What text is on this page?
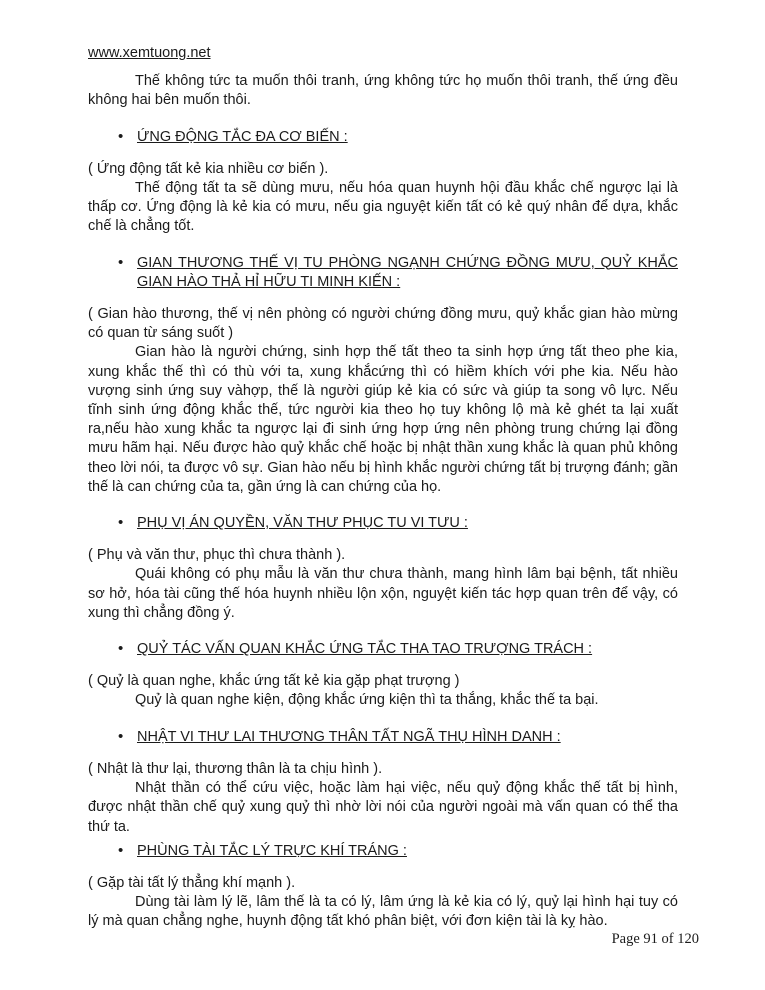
www.xemtuong.net

Thế không tức ta muốn thôi tranh, ứng không tức họ muốn thôi tranh, thế ứng đều không hai bên muốn thôi.

• ỨNG ĐỘNG TẮC ĐA CƠ BIẾN :

( Ứng động tất kẻ kia nhiều cơ biến ).

Thế động tất ta sẽ dùng mưu, nếu hóa quan huynh hội đầu khắc chế ngược lại là thấp cơ. Ứng động là kẻ kia có mưu, nếu gia nguyệt kiến tất có kẻ quý nhân để dựa, khắc chế là chẳng tốt.

• GIAN THƯƠNG THẾ VỊ TU PHÒNG NGẠNH CHỨNG ĐỒNG MƯU, QUỶ KHẮC GIAN HÀO THẢ HỈ HỮU TI MINH KIẾN :

( Gian hào thương, thế vị nên phòng có người chứng đồng mưu, quỷ khắc gian hào mừng có quan từ sáng suốt )

Gian hào là người chứng, sinh hợp thế tất theo ta sinh hợp ứng tất theo phe kia, xung khắc thế thì có thù với ta, xung khắcứng thì có hiềm khích với phe kia. Nếu hào vượng sinh ứng suy vàhợp, thế là người giúp kẻ kia có sức và giúp ta song vô lực. Nếu tĩnh sinh ứng động khắc thế, tức người kia theo họ tuy không lộ mà kẻ ghét ta lại xuất ra,nếu hào xung khắc ta ngược lại đi sinh ứng hợp ứng nên phòng trung chứng lại đồng mưu hãm hại. Nếu được hào quỷ khắc chế hoặc bị nhật thần xung khắc là quan phủ không theo lời nói, ta được vô sự. Gian hào nếu bị hình khắc người chứng tất bị trượng đánh; gần thế là can chứng của ta, gần ứng là can chứng của họ.

• PHỤ VỊ ÁN QUYỀN, VĂN THƯ PHỤC TU VI TƯU :

( Phụ và văn thư, phục thì chưa thành ).

Quái không có phụ mẫu là văn thư chưa thành, mang hình lâm bại bệnh, tất nhiều sơ hở, hóa tài cũng thế hóa huynh nhiều lộn xộn, nguyệt kiến tác hợp quan trên để vậy, có xung thì chẳng đồng ý.

• QUỶ TÁC VẤN QUAN KHẮC ỨNG TẮC THA TAO TRƯỢNG TRÁCH :

( Quỷ là quan nghe, khắc ứng tất kẻ kia gặp phạt trượng )

Quỷ là quan nghe kiện, động khắc ứng kiện thì ta thắng, khắc thế ta bại.

• NHẬT VI THƯ LAI THƯƠNG THÂN TẤT NGÃ THỤ HÌNH DANH :

( Nhật là thư lại, thương thân là ta chịu hình ).

Nhật thần có thể cứu việc, hoặc làm hại việc, nếu quỷ động khắc thế tất bị hình, được nhật thần chế quỷ xung quỷ thì nhờ lời nói của người ngoài mà vấn quan có thể tha thứ ta.

• PHÙNG TÀI TẮC LÝ TRỰC KHÍ TRÁNG :

( Gặp tài tất lý thẳng khí mạnh ).

Dùng tài làm lý lẽ, lâm thế là ta có lý, lâm ứng là kẻ kia có lý, quỷ lại hình hại tuy có lý mà quan chẳng nghe, huynh động tất khó phân biệt, với đơn kiện tài là kỵ hào.

Page 91 of 120
